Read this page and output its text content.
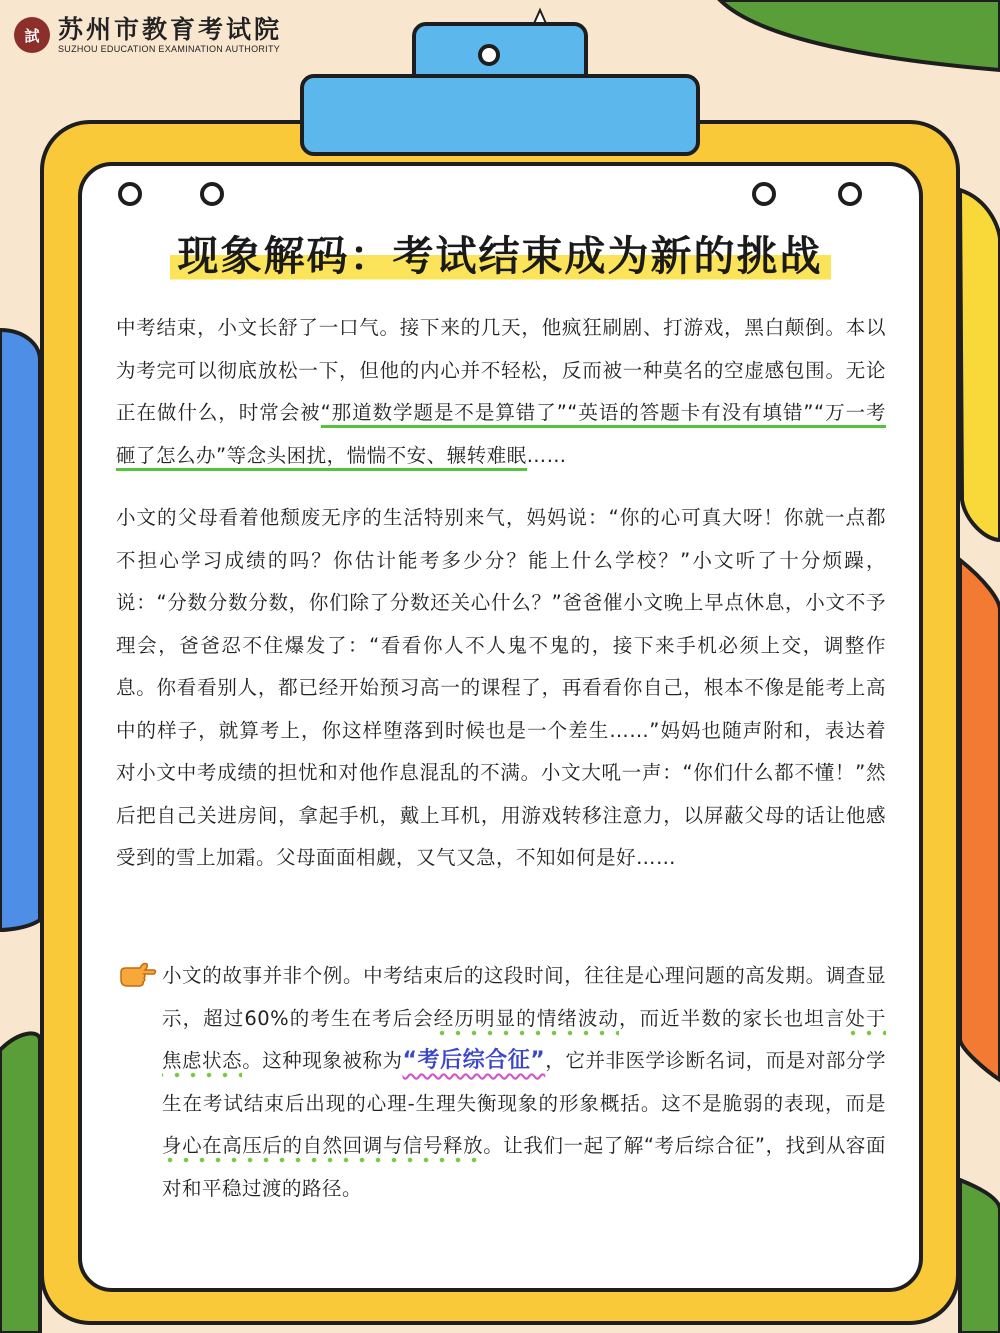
試 苏州市教育考试院
SUZHOU EDUCATION EXAMINATION AUTHORITY
现象解码：考试结束成为新的挑战
中考结束，小文长舒了一口气。接下来的几天，他疯狂刷剧、打游戏，黑白颠倒。本以为考完可以彻底放松一下，但他的内心并不轻松，反而被一种莫名的空虚感包围。无论正在做什么，时常会被“那道数学题是不是算错了”“英语的答题卡有没有填错”“万一考砸了怎么办”等念头困扰，惴惴不安、辗转难眠……
小文的父母看着他颓废无序的生活特别来气，妈妈说：“你的心可真大呀！你就一点都不担心学习成绩的吗？你估计能考多少分？能上什么学校？”小文听了十分烦躁，说：“分数分数分数，你们除了分数还关心什么？”爸爸催小文晚上早点休息，小文不予理会，爸爸忍不住爆发了：“看看你人不人鬼不鬼的，接下来手机必须上交，调整作息。你看看别人，都已经开始预习高一的课程了，再看看你自己，根本不像是能考上高中的样子，就算考上，你这样堕落到时候也是一个差生……”妈妈也随声附和，表达着对小文中考成绩的担忧和对他作息混乱的不满。小文大吼一声：“你们什么都不懂！”然后把自己关进房间，拿起手机，戴上耳机，用游戏转移注意力，以屏蔽父母的话让他感受到的雪上加霜。父母面面相觑，又气又急，不知如何是好……
小文的故事并非个例。中考结束后的这段时间，往往是心理问题的高发期。调查显示，超过60%的考生在考后会经历明显的情绪波动，而近半数的家长也坦言处于焦虑状态。这种现象被称为“考后综合征”，它并非医学诊断名词，而是对部分学生在考试结束后出现的心理-生理失衡现象的形象概括。这不是脆弱的表现，而是身心在高压后的自然回调与信号释放。让我们一起了解“考后综合征”，找到从容面对和平稳过渡的路径。
